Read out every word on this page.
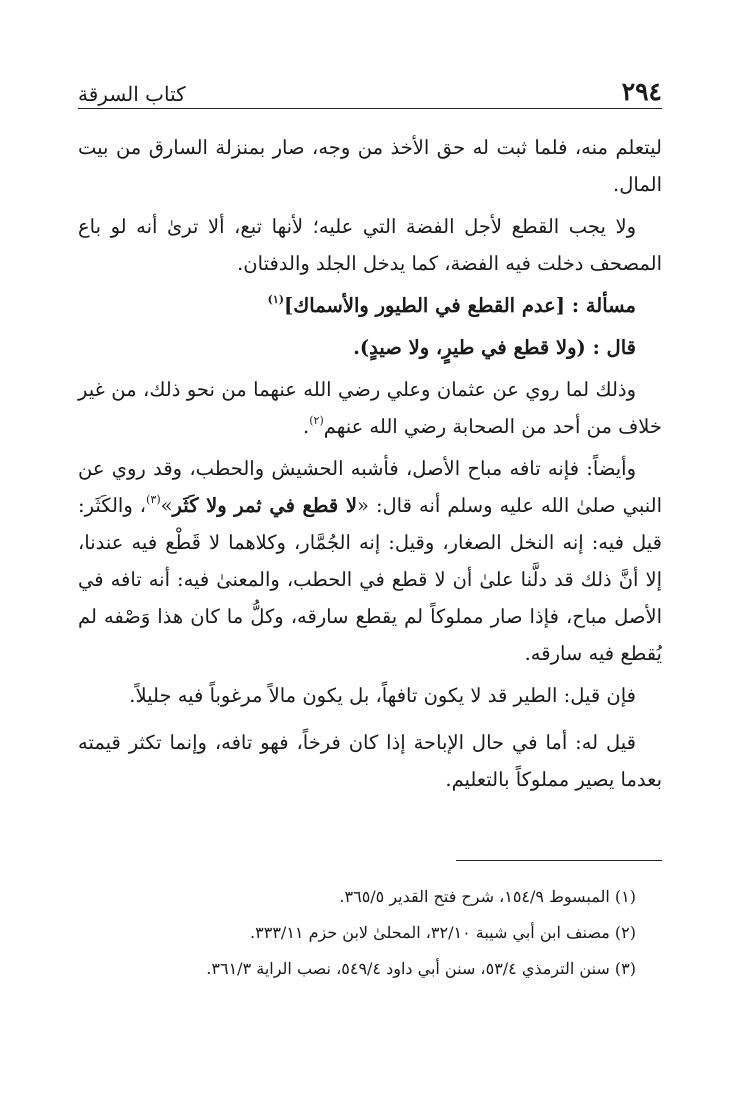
٢٩٤
كتاب السرقة

ليتعلم منه، فلما ثبت له حق الأخذ من وجه، صار بمنزلة السارق من بيت المال.

ولا يجب القطع لأجل الفضة التي عليه؛ لأنها تبع، ألا ترىٰ أنه لو باع المصحف دخلت فيه الفضة، كما يدخل الجلد والدفتان.

مسألة : [عدم القطع في الطيور والأسماك]$^{(١)}$

قال : (ولا قطع في طيرٍ، ولا صيدٍ).

وذلك لما روي عن عثمان وعلي رضي الله عنهما من نحو ذلك، من غير خلاف من أحد من الصحابة رضي الله عنهم$^{(٢)}$.

وأيضاً: فإنه تافه مباح الأصل، فأشبه الحشيش والحطب، وقد روي عن النبي صلىٰ الله عليه وسلم أنه قال: «لا قطع في ثمر ولا كَثَر»$^{(٣)}$، والكَثَر: قيل فيه: إنه النخل الصغار، وقيل: إنه الجُمَّار، وكلاهما لا قَطْع فيه عندنا، إلا أنَّ ذلك قد دلَّنا علىٰ أن لا قطع في الحطب، والمعنىٰ فيه: أنه تافه في الأصل مباح، فإذا صار مملوكاً لم يقطع سارقه، وكلُّ ما كان هذا وَصْفه لم يُقطع فيه سارقه.

فإن قيل: الطير قد لا يكون تافهاً، بل يكون مالاً مرغوباً فيه جليلاً.

قيل له: أما في حال الإباحة إذا كان فرخاً، فهو تافه، وإنما تكثر قيمته بعدما يصير مملوكاً بالتعليم.

(١) المبسوط ١٥٤/٩، شرح فتح القدير ٣٦٥/٥.

(٢) مصنف ابن أبي شيبة ٣٢/١٠، المحلىٰ لابن حزم ٣٣٣/١١.

(٣) سنن الترمذي ٥٣/٤، سنن أبي داود ٥٤٩/٤، نصب الراية ٣٦١/٣.
